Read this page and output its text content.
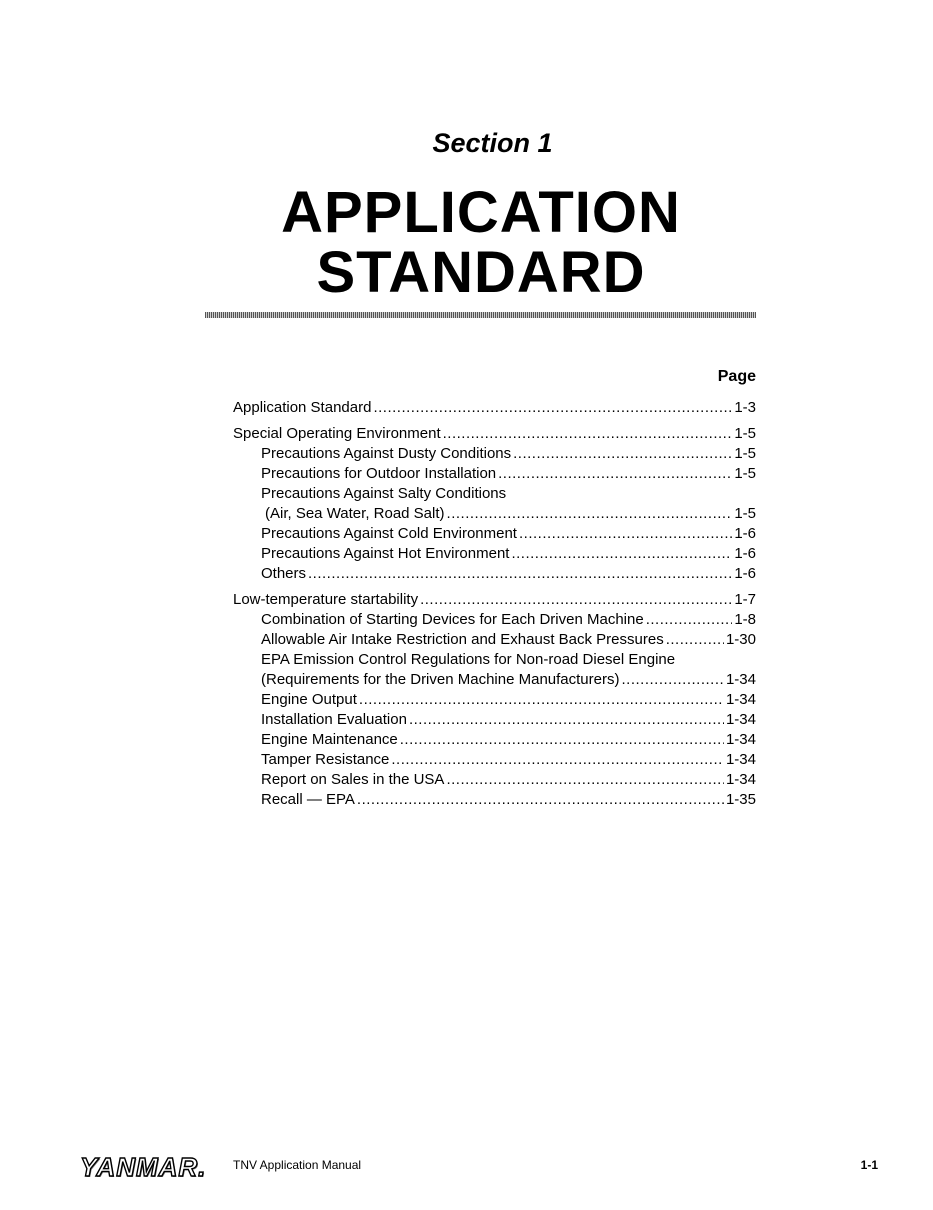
Section 1
APPLICATION
STANDARD
Page
Application Standard .....	1-3
Special Operating Environment .....	1-5
Precautions Against Dusty Conditions .....	1-5
Precautions for Outdoor Installation .....	1-5
Precautions Against Salty Conditions
(Air, Sea Water, Road Salt) .....	1-5
Precautions Against Cold Environment .....	1-6
Precautions Against Hot Environment .....	1-6
Others .....	1-6
Low-temperature startability .....	1-7
Combination of Starting Devices for Each Driven Machine .....	1-8
Allowable Air Intake Restriction and Exhaust Back Pressures .....	1-30
EPA Emission Control Regulations for Non-road Diesel Engine
(Requirements for the Driven Machine Manufacturers) .....	1-34
Engine Output .....	1-34
Installation Evaluation .....	1-34
Engine Maintenance .....	1-34
Tamper Resistance .....	1-34
Report on Sales in the USA .....	1-34
Recall — EPA .....	1-35
YANMAR. TNV Application Manual	1-1
